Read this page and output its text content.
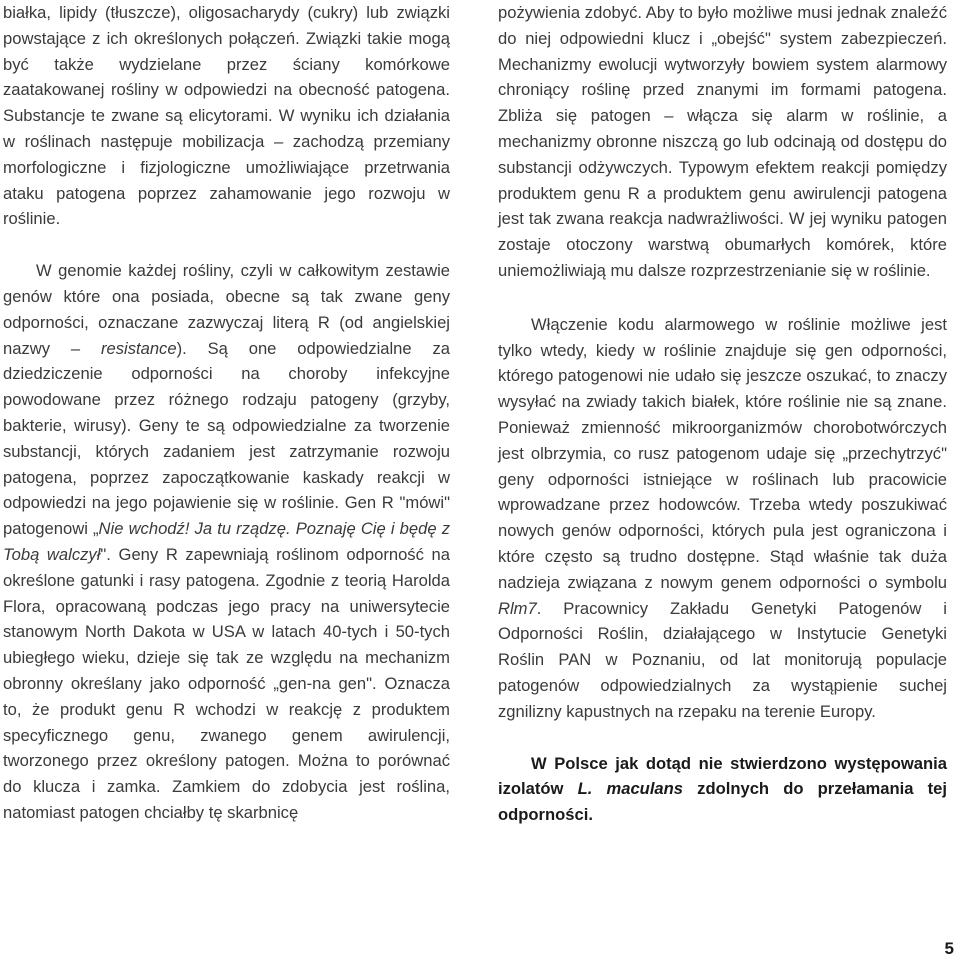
białka, lipidy (tłuszcze), oligosacharydy (cukry) lub związki powstające z ich określonych połączeń. Związki takie mogą być także wydzielane przez ściany komórkowe zaatakowanej rośliny w odpowiedzi na obecność patogena. Substancje te zwane są elicytorami. W wyniku ich działania w roślinach następuje mobilizacja – zachodzą przemiany morfologiczne i fizjologiczne umożliwiające przetrwania ataku patogena poprzez zahamowanie jego rozwoju w roślinie.

W genomie każdej rośliny, czyli w całkowitym zestawie genów które ona posiada, obecne są tak zwane geny odporności, oznaczane zazwyczaj literą R (od angielskiej nazwy – resistance). Są one odpowiedzialne za dziedziczenie odporności na choroby infekcyjne powodowane przez różnego rodzaju patogeny (grzyby, bakterie, wirusy). Geny te są odpowiedzialne za tworzenie substancji, których zadaniem jest zatrzymanie rozwoju patogena, poprzez zapoczątkowanie kaskady reakcji w odpowiedzi na jego pojawienie się w roślinie. Gen R "mówi" patogenowi „Nie wchodź! Ja tu rządzę. Poznaję Cię i będę z Tobą walczył". Geny R zapewniają roślinom odporność na określone gatunki i rasy patogena. Zgodnie z teorią Harolda Flora, opracowaną podczas jego pracy na uniwersytecie stanowym North Dakota w USA w latach 40-tych i 50-tych ubiegłego wieku, dzieje się tak ze względu na mechanizm obronny określany jako odporność „gen-na gen". Oznacza to, że produkt genu R wchodzi w reakcję z produktem specyficznego genu, zwanego genem awirulencji, tworzonego przez określony patogen. Można to porównać do klucza i zamka. Zamkiem do zdobycia jest roślina, natomiast patogen chciałby tę skarbnicę

pożywienia zdobyć. Aby to było możliwe musi jednak znaleźć do niej odpowiedni klucz i „obejść" system zabezpieczeń. Mechanizmy ewolucji wytworzyły bowiem system alarmowy chroniący roślinę przed znanymi im formami patogena. Zbliża się patogen – włącza się alarm w roślinie, a mechanizmy obronne niszczą go lub odcinają od dostępu do substancji odżywczych. Typowym efektem reakcji pomiędzy produktem genu R a produktem genu awirulencji patogena jest tak zwana reakcja nadwrażliwości. W jej wyniku patogen zostaje otoczony warstwą obumarłych komórek, które uniemożliwiają mu dalsze rozprzestrzenianie się w roślinie.

Włączenie kodu alarmowego w roślinie możliwe jest tylko wtedy, kiedy w roślinie znajduje się gen odporności, którego patogenowi nie udało się jeszcze oszukać, to znaczy wysyłać na zwiady takich białek, które roślinie nie są znane. Ponieważ zmienność mikroorganizmów chorobotwórczych jest olbrzymia, co rusz patogenom udaje się „przechytrzyć" geny odporności istniejące w roślinach lub pracowicie wprowadzane przez hodowców. Trzeba wtedy poszukiwać nowych genów odporności, których pula jest ograniczona i które często są trudno dostępne. Stąd właśnie tak duża nadzieja związana z nowym genem odporności o symbolu Rlm7. Pracownicy Zakładu Genetyki Patogenów i Odporności Roślin, działającego w Instytucie Genetyki Roślin PAN w Poznaniu, od lat monitorują populacje patogenów odpowiedzialnych za wystąpienie suchej zgnilizny kapustnych na rzepaku na terenie Europy.

W Polsce jak dotąd nie stwierdzono występowania izolatów L. maculans zdolnych do przełamania tej odporności.

5
